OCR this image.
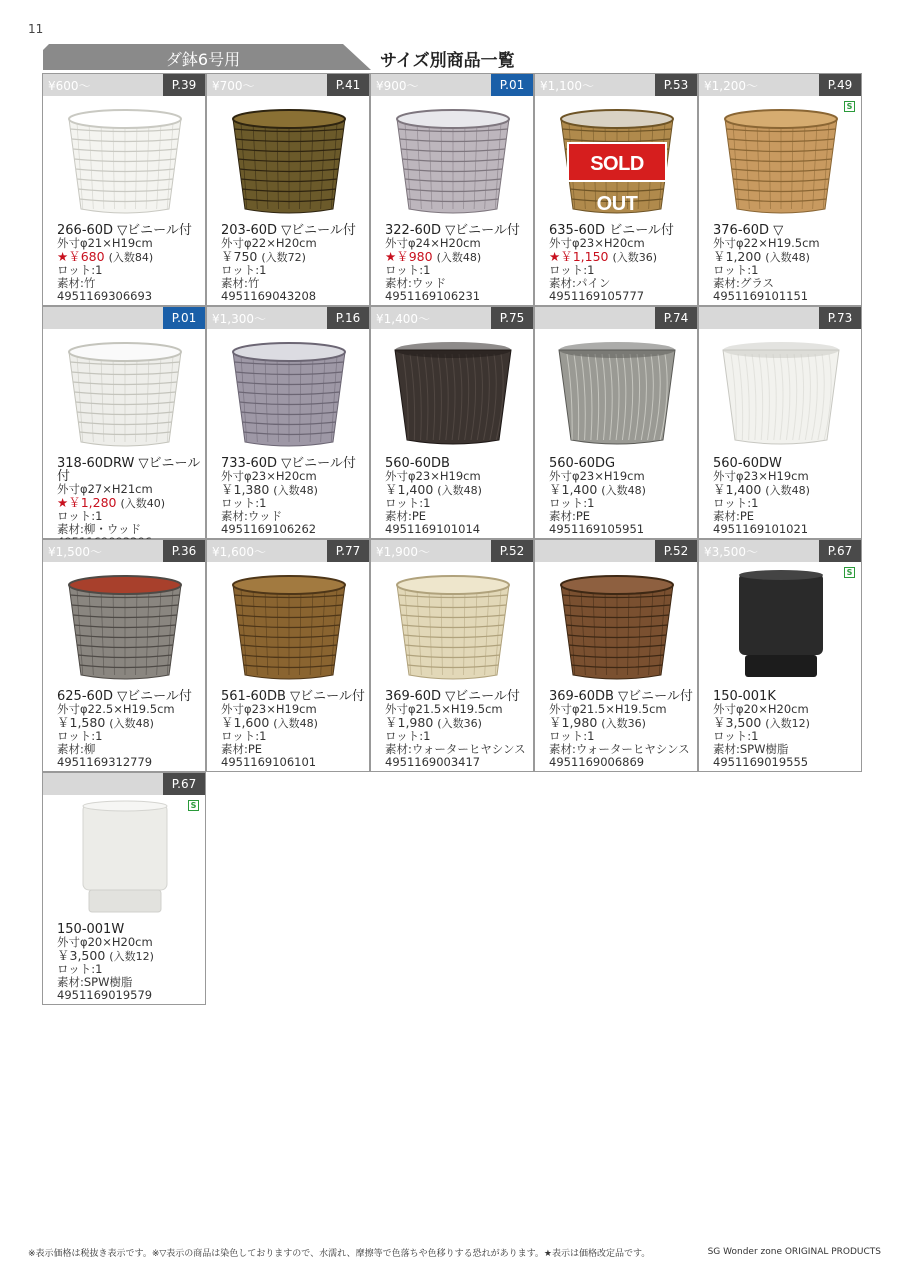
11
ダ鉢6号用	サイズ別商品一覧
¥600～	P.39
266-60D ▽ビニール付
外寸φ21×H19cm
★￥680 (入数84)
ロット:1
素材:竹
4951169306693
¥700～	P.41
203-60D ▽ビニール付
外寸φ22×H20cm
￥750 (入数72)
ロット:1
素材:竹
4951169043208
¥900～	P.01
322-60D ▽ビニール付
外寸φ24×H20cm
★￥980 (入数48)
ロット:1
素材:ウッド
4951169106231
¥1,100～	P.53
SOLD OUT
635-60D ビニール付
外寸φ23×H20cm
★￥1,150 (入数36)
ロット:1
素材:パイン
4951169105777
¥1,200～	P.49
S
376-60D ▽
外寸φ22×H19.5cm
￥1,200 (入数48)
ロット:1
素材:グラス
4951169101151
P.01
318-60DRW ▽ビニール付
外寸φ27×H21cm
★￥1,280 (入数40)
ロット:1
素材:柳・ウッド
¥1,300～	P.16
733-60D ▽ビニール付
外寸φ23×H20cm
￥1,380 (入数48)
ロット:1
素材:ウッド
4951169106262
¥1,400～	P.75
560-60DB
外寸φ23×H19cm
￥1,400 (入数48)
ロット:1
素材:PE
4951169101014
P.74
560-60DG
外寸φ23×H19cm
￥1,400 (入数48)
ロット:1
素材:PE
4951169105951
P.73
560-60DW
外寸φ23×H19cm
￥1,400 (入数48)
ロット:1
素材:PE
4951169101021
¥1,500～	P.36
625-60D ▽ビニール付
外寸φ22.5×H19.5cm
￥1,580 (入数48)
ロット:1
素材:柳
4951169312779
¥1,600～	P.77
561-60DB ▽ビニール付
外寸φ23×H19cm
￥1,600 (入数48)
ロット:1
素材:PE
4951169106101
¥1,900～	P.52
369-60D ▽ビニール付
外寸φ21.5×H19.5cm
￥1,980 (入数36)
ロット:1
素材:ウォーターヒヤシンス
4951169003417
P.52
369-60DB ▽ビニール付
外寸φ21.5×H19.5cm
￥1,980 (入数36)
ロット:1
素材:ウォーターヒヤシンス
4951169006869
¥3,500～	P.67
S
150-001K
外寸φ20×H20cm
￥3,500 (入数12)
ロット:1
素材:SPW樹脂
4951169019555
P.67
S
150-001W
外寸φ20×H20cm
￥3,500 (入数12)
ロット:1
素材:SPW樹脂
4951169019579
※表示価格は税抜き表示です。※▽表示の商品は染色しておりますので、水濡れ、摩擦等で色落ちや色移りする恐れがあります。★表示は価格改定品です。	SG Wonder zone ORIGINAL PRODUCTS
